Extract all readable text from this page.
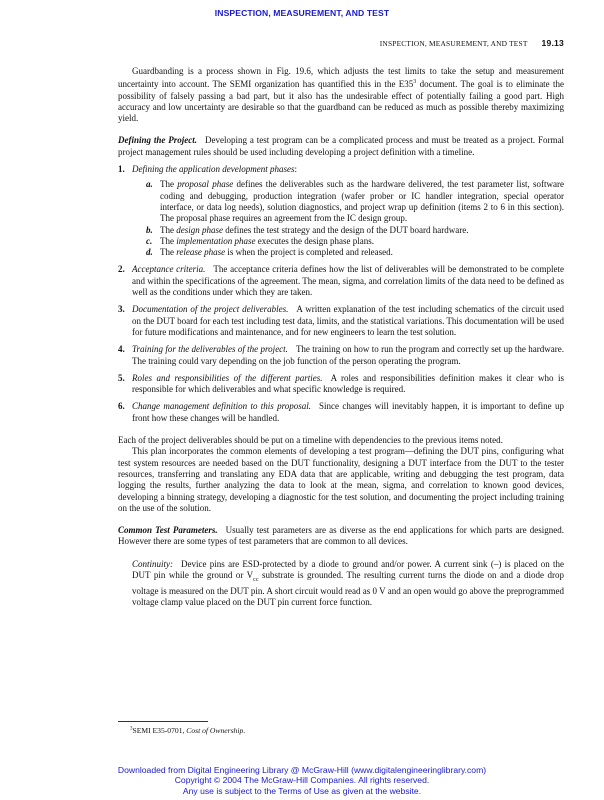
INSPECTION, MEASUREMENT, AND TEST
INSPECTION, MEASUREMENT, AND TEST 19.13

Guardbanding is a process shown in Fig. 19.6, which adjusts the test limits to take the setup and measurement uncertainty into account. The SEMI organization has quantified this in the $E35^3$ document. The goal is to eliminate the possibility of falsely passing a bad part, but it also has the undesirable effect of potentially failing a good part. High accuracy and low uncertainty are desirable so that the guardband can be reduced as much as possible thereby maximizing yield.

Defining the Project. Developing a test program can be a complicated process and must be treated as a project. Formal project management rules should be used including developing a project definition with a timeline.

1. Defining the application development phases:
a. The proposal phase defines the deliverables such as the hardware delivered, the test parameter list, software coding and debugging, production integration (wafer prober or IC handler integration, special operator interface, or data log needs), solution diagnostics, and project wrap up definition (items 2 to 6 in this section). The proposal phase requires an agreement from the IC design group.
b. The design phase defines the test strategy and the design of the DUT board hardware.
c. The implementation phase executes the design phase plans.
d. The release phase is when the project is completed and released.
2. Acceptance criteria. The acceptance criteria defines how the list of deliverables will be demonstrated to be complete and within the specifications of the agreement. The mean, sigma, and correlation limits of the data need to be defined as well as the conditions under which they are taken.
3. Documentation of the project deliverables. A written explanation of the test including schematics of the circuit used on the DUT board for each test including test data, limits, and the statistical variations. This documentation will be used for future modifications and maintenance, and for new engineers to learn the test solution.
4. Training for the deliverables of the project. The training on how to run the program and correctly set up the hardware. The training could vary depending on the job function of the person operating the program.
5. Roles and responsibilities of the different parties. A roles and responsibilities definition makes it clear who is responsible for which deliverables and what specific knowledge is required.
6. Change management definition to this proposal. Since changes will inevitably happen, it is important to define up front how these changes will be handled.

Each of the project deliverables should be put on a timeline with dependencies to the previous items noted.

This plan incorporates the common elements of developing a test program—defining the DUT pins, configuring what test system resources are needed based on the DUT functionality, designing a DUT interface from the DUT to the tester resources, transferring and translating any EDA data that are applicable, writing and debugging the test program, data logging the results, further analyzing the data to look at the mean, sigma, and correlation to known good devices, developing a binning strategy, developing a diagnostic for the test solution, and documenting the project including training on the use of the solution.

Common Test Parameters. Usually test parameters are as diverse as the end applications for which parts are designed. However there are some types of test parameters that are common to all devices.

Continuity: Device pins are ESD-protected by a diode to ground and/or power. A current sink (–) is placed on the DUT pin while the ground or $V_{cc}$ substrate is grounded. The resulting current turns the diode on and a diode drop voltage is measured on the DUT pin. A short circuit would read as 0 V and an open would go above the preprogrammed voltage clamp value placed on the DUT pin current force function.

$^3$SEMI E35-0701, Cost of Ownership.
Downloaded from Digital Engineering Library @ McGraw-Hill (www.digitalengineeringlibrary.com)
Copyright © 2004 The McGraw-Hill Companies. All rights reserved.
Any use is subject to the Terms of Use as given at the website.
